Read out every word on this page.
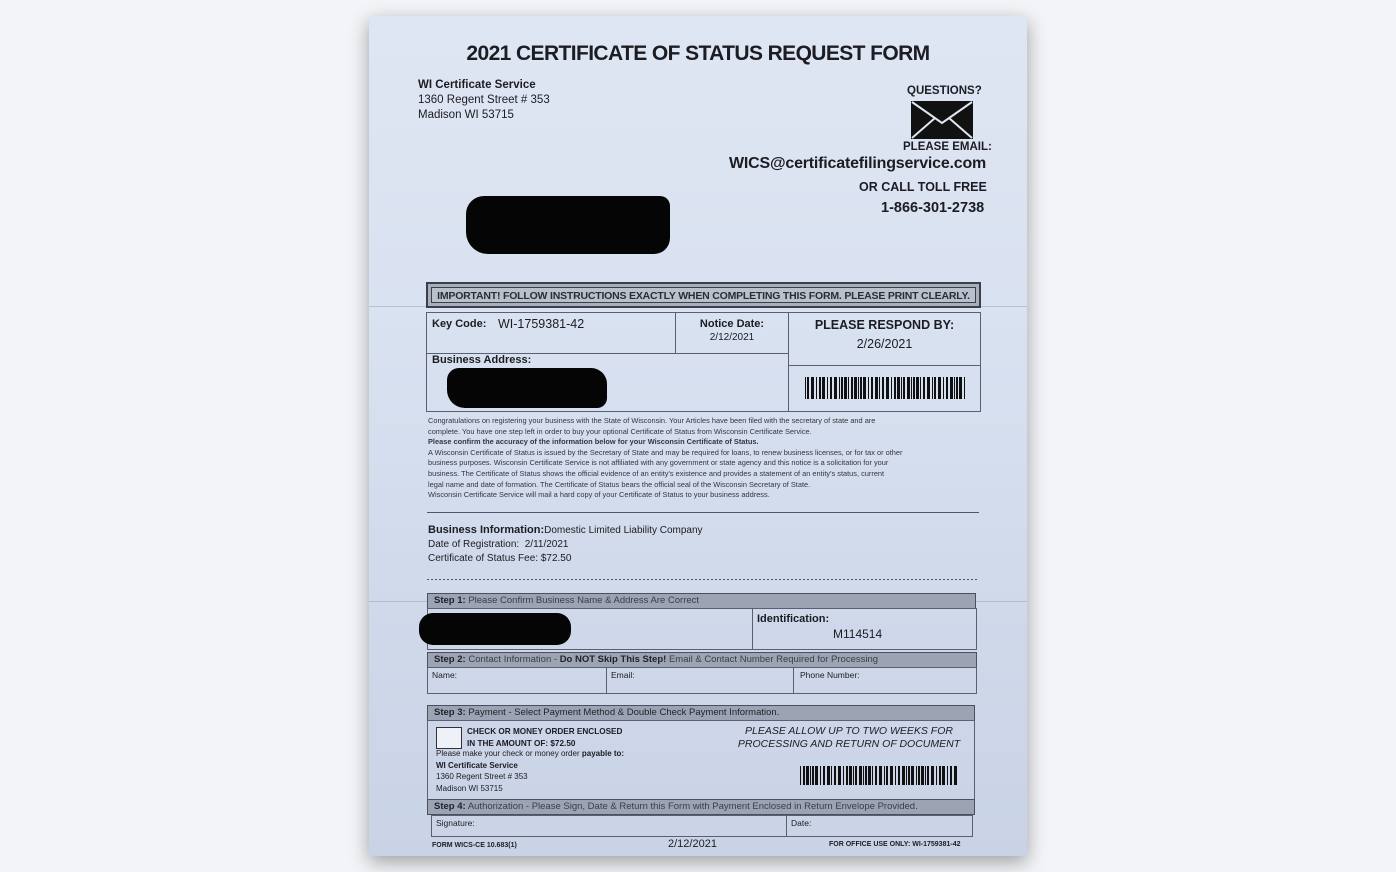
2021 CERTIFICATE OF STATUS REQUEST FORM
WI Certificate Service
1360 Regent Street # 353
Madison WI 53715
QUESTIONS?
PLEASE EMAIL:
WICS@certificatefilingservice.com
OR CALL TOLL FREE
1-866-301-2738
IMPORTANT! FOLLOW INSTRUCTIONS EXACTLY WHEN COMPLETING THIS FORM. PLEASE PRINT CLEARLY.
Key Code: WI-1759381-42	Notice Date:
2/12/2021
PLEASE RESPOND BY:
2/26/2021
Business Address:

Congratulations on registering your business with the State of Wisconsin. Your Articles have been filed with the secretary of state and are

complete. You have one step left in order to buy your optional Certificate of Status from Wisconsin Certificate Service.

Please confirm the accuracy of the information below for your Wisconsin Certificate of Status.

A Wisconsin Certificate of Status is issued by the Secretary of State and may be required for loans, to renew business licenses, or for tax or other

business purposes. Wisconsin Certificate Service is not affiliated with any government or state agency and this notice is a solicitation for your

business. The Certificate of Status shows the official evidence of an entity's existence and provides a statement of an entity's status, current

legal name and date of formation. The Certificate of Status bears the official seal of the Wisconsin Secretary of State.

Wisconsin Certificate Service will mail a hard copy of your Certificate of Status to your business address.

Business Information:Domestic Limited Liability Company
Date of Registration: 2/11/2021
Certificate of Status Fee: $72.50
Step 1: Please Confirm Business Name & Address Are Correct
Identification:
M114514
Step 2: Contact Information - Do NOT Skip This Step! Email & Contact Number Required for Processing
Name:	Email:	Phone Number:
Step 3: Payment - Select Payment Method & Double Check Payment Information.
CHECK OR MONEY ORDER ENCLOSED
IN THE AMOUNT OF: $72.50
Please make your check or money order payable to:
WI Certificate Service
1360 Regent Street # 353
Madison WI 53715
PLEASE ALLOW UP TO TWO WEEKS FOR
PROCESSING AND RETURN OF DOCUMENT
Step 4: Authorization - Please Sign, Date & Return this Form with Payment Enclosed in Return Envelope Provided.
Signature:	Date:
FORM WICS-CE 10.683(1)	2/12/2021	FOR OFFICE USE ONLY: WI-1759381-42
